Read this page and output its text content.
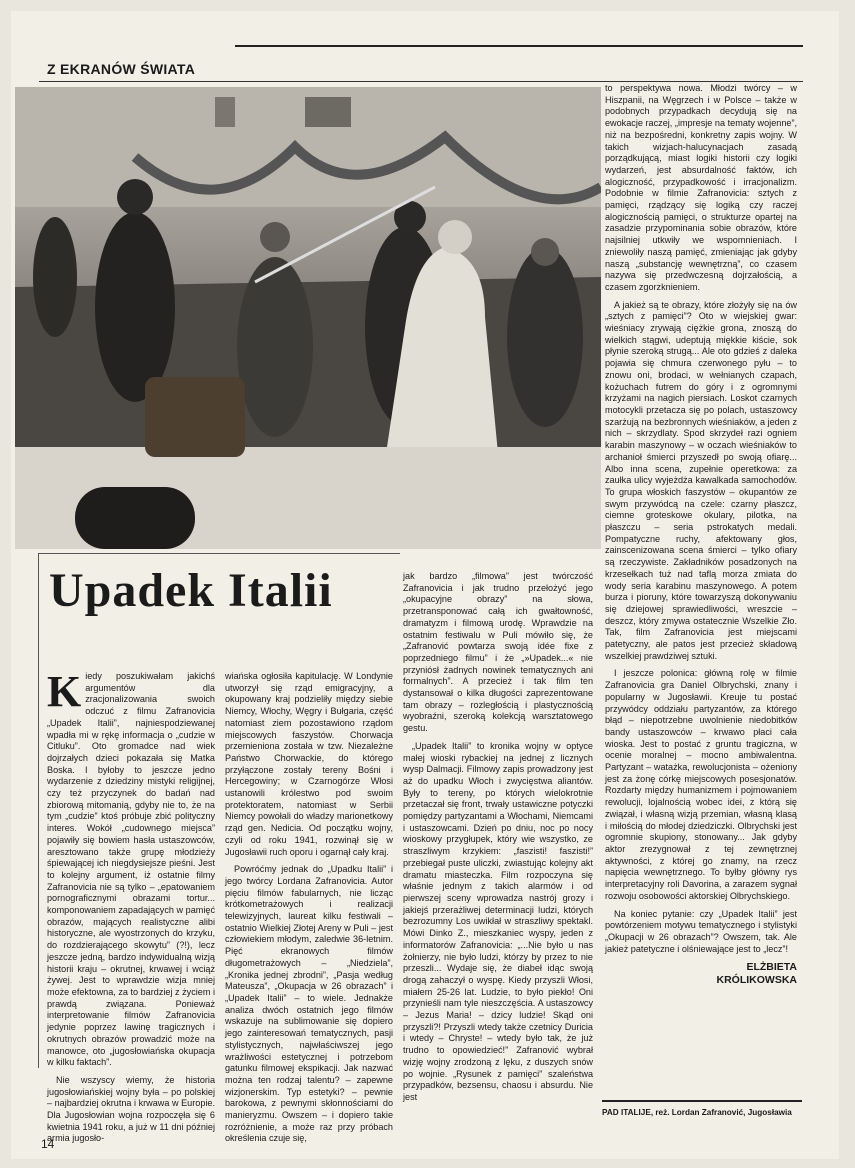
Z EKRANÓW ŚWIATA
Upadek Italii

Kiedy poszukiwałam jakichś argumentów dla zracjonalizowania swoich odczuć z filmu Zafranovicia „Upadek Italii”, najniespodziewanej wpadła mi w rękę informacja o „cudzie w Citluku”. Oto gromadce nad wiek dojrzałych dzieci pokazała się Matka Boska. I byłoby to jeszcze jedno wydarzenie z dziedziny mistyki religijnej, czy też przyczynek do badań nad zbiorową mitomanią, gdyby nie to, że na tym „cudzie” ktoś próbuje zbić polityczny interes. Wokół „cudownego miejsca” pojawiły się bowiem hasła ustaszowców, aresztowano także grupę młodzieży śpiewającej ich niegdysiejsze pieśni. Jest to kolejny argument, iż ostatnie filmy Zafranovicia nie są tylko – „epatowaniem pornograficznymi obrazami tortur... komponowaniem zapadających w pamięć obrazów, mających realistyczne alibi historyczne, ale wyostrzonych do krzyku, do rozdzierającego skowytu” (?!), lecz jeszcze jedną, bardzo indywidualną wizją historii kraju – okrutnej, krwawej i wciąż żywej. Jest to wprawdzie wizja mniej może efektowna, za to bardziej z życiem i prawdą związana. Ponieważ interpretowanie filmów Zafranovicia jedynie poprzez lawinę tragicznych i okrutnych obrazów prowadzić może na manowce, oto „jugosłowiańska okupacja w kilku faktach”.

Nie wszyscy wiemy, że historia jugosłowiańskiej wojny była – po polskiej – najbardziej okrutna i krwawa w Europie. Dla Jugosłowian wojna rozpoczęła się 6 kwietnia 1941 roku, a już w 11 dni później armia jugosło-

wiańska ogłosiła kapitulację. W Londynie utworzył się rząd emigracyjny, a okupowany kraj podzieliły między siebie Niemcy, Włochy, Węgry i Bułgaria, część natomiast ziem pozostawiono rządom miejscowych faszystów. Chorwacja przemieniona została w tzw. Niezależne Państwo Chorwackie, do którego przyłączone zostały tereny Bośni i Hercegowiny; w Czarnogórze Włosi ustanowili królestwo pod swoim protektoratem, natomiast w Serbii Niemcy powołali do władzy marionetkowy rząd gen. Nedicia. Od początku wojny, czyli od roku 1941, rozwinął się w Jugosławii ruch oporu i ogarnął cały kraj.

Powróćmy jednak do „Upadku Italii” i jego twórcy Lordana Zafranovicia. Autor pięciu filmów fabularnych, nie licząc krótkometrażowych i realizacji telewizyjnych, laureat kilku festiwali – ostatnio Wielkiej Złotej Areny w Puli – jest człowiekiem młodym, zaledwie 36-letnim. Pięć ekranowych filmów długometrażowych – „Niedziela”, „Kronika jednej zbrodni”, „Pasja według Mateusza”, „Okupacja w 26 obrazach” i „Upadek Italii” – to wiele. Jednakże analiza dwóch ostatnich jego filmów wskazuje na sublimowanie się dopiero jego zainteresowań tematycznych, pasji stylistycznych, najwłaściwszej jego wrażliwości estetycznej i potrzebom gatunku filmowej ekspikacji. Jak nazwać można ten rodzaj talentu? – zapewne wizjonerskim. Typ estetyki? – pewnie barokowa, z pewnymi skłonnościami do manieryzmu. Owszem – i dopiero takie rozróżnienie, a może raz przy próbach określenia czuje się,

jak bardzo „filmowa” jest twórczość Zafranovicia i jak trudno przełożyć jego „okupacyjne obrazy” na słowa, przetransponować całą ich gwałtowność, dramatyzm i filmową urodę. Wprawdzie na ostatnim festiwalu w Puli mówiło się, że „Zafranović powtarza swoją idée fixe z poprzedniego filmu” i że „»Upadek...« nie przyniósł żadnych nowinek tematycznych ani formalnych”. A przecież i tak film ten dystansował o kilka długości zaprezentowane tam obrazy – rozległością i plastycznością wyobraźni, szeroką kolekcją warsztatowego gestu.

„Upadek Italii” to kronika wojny w optyce małej wioski rybackiej na jednej z licznych wysp Dalmacji. Filmowy zapis prowadzony jest aż do upadku Włoch i zwycięstwa aliantów. Były to tereny, po których wielokrotnie przetaczał się front, trwały ustawiczne potyczki pomiędzy partyzantami a Włochami, Niemcami i ustaszowcami. Dzień po dniu, noc po nocy wioskowy przygłupek, który wie wszystko, ze straszliwym krzykiem: „faszisti! faszisti!” przebiegał puste uliczki, zwiastując kolejny akt dramatu miasteczka. Film rozpoczyna się właśnie jednym z takich alarmów i od pierwszej sceny wprowadza nastrój grozy i jakiejś przerażliwej determinacji ludzi, których bezrozumny Los uwikłał w straszliwy spektakl. Mówi Dinko Z., mieszkaniec wyspy, jeden z informatorów Zafranovicia: „...Nie było u nas żołnierzy, nie było ludzi, którzy by przez to nie przeszli... Wydaje się, że diabeł idąc swoją drogą zahaczył o wyspę. Kiedy przyszli Włosi, miałem 25-26 lat. Ludzie, to było piekło! Oni przynieśli nam tyle nieszczęścia. A ustaszowcy – Jezus Maria! – dzicy ludzie! Skąd oni przyszli?! Przyszli wtedy także czetnicy Duricia i wtedy – Chryste! – wtedy było tak, że już trudno to opowiedzieć!” Zafranović wybrał wizję wojny zrodzoną z lęku, z duszych snów po wojnie. „Rysunek z pamięci” szaleństwa przypadków, bezsensu, chaosu i absurdu. Nie jest

to perspektywa nowa. Młodzi twórcy – w Hiszpanii, na Węgrzech i w Polsce – także w podobnych przypadkach decydują się na ewokacje raczej, „impresje na tematy wojenne”, niż na bezpośredni, konkretny zapis wojny. W takich wizjach-halucynacjach zasadą porządkującą, miast logiki historii czy logiki wydarzeń, jest absurdalność faktów, ich alogiczność, przypadkowość i irracjonalizm. Podobnie w filmie Zafranovicia: sztych z pamięci, rządzący się logiką czy raczej alogicznością pamięci, o strukturze opartej na zasadzie przypominania sobie obrazów, które najsilniej utkwiły we wspomnieniach. I zniewoliły naszą pamięć, zmieniając jak gdyby naszą „substancję wewnętrzną”, co czasem nazywa się przedwczesną dojrzałością, a czasem zgorzknieniem.

A jakież są te obrazy, które złożyły się na ów „sztych z pamięci”? Oto w wiejskiej gwar: wieśniacy zrywają ciężkie grona, znoszą do wielkich stągwi, udeptują miękkie kiście, sok płynie szeroką strugą... Ale oto gdzieś z daleka pojawia się chmura czerwonego pyłu – to znowu oni, brodaci, w wełnianych czapach, kożuchach futrem do góry i z ogromnymi krzyżami na nagich piersiach. Loskot czarnych motocykli przetacza się po polach, ustaszowcy szarżują na bezbronnych wieśniaków, a jeden z nich – skrzydlaty. Spod skrzydeł razi ogniem karabin maszynowy – w oczach wieśniaków to archanioł śmierci przyszedł po swoją ofiarę... Albo inna scena, zupełnie operetkowa: za zaułka ulicy wyjeżdża kawalkada samochodów. To grupa włoskich faszystów – okupantów ze swym przywódcą na czele: czarny płaszcz, ciemne groteskowe okulary, pilotka, na płaszczu – seria pstrokatych medali. Pompatyczne ruchy, afektowany głos, zainscenizowana scena śmierci – tylko ofiary są rzeczywiste. Zakładników posadzonych na krzesełkach tuż nad taflą morza zmiata do wody seria karabinu maszynowego. A potem burza i pioruny, które towarzyszą dokonywaniu się dziejowej sprawiedliwości, wreszcie – deszcz, który zmywa ostatecznie Wszelkie Zło. Tak, film Zafranovicia jest miejscami patetyczny, ale patos jest przecież składową wszelkiej prawdziwej sztuki.

I jeszcze polonica: główną rolę w filmie Zafranovicia gra Daniel Olbrychski, znany i popularny w Jugosławii. Kreuje tu postać przywódcy oddziału partyzantów, za którego błąd – niepotrzebne uwolnienie niedobitków bandy ustaszowców – krwawo płaci cała wioska. Jest to postać z gruntu tragiczna, w ocenie moralnej – mocno ambiwalentna. Partyzant – watażka, rewolucjonista – ożeniony jest za żonę córkę miejscowych posesjonatów. Rozdarty między humanizmem i pojmowaniem rewolucji, lojalnością wobec idei, z którą się związał, i własną wizją przemian, własną klasą i miłością do młodej dziedziczki. Olbrychski jest ogromnie skupiony, stonowany... Jak gdyby aktor zrezygnował z tej zewnętrznej aktywności, z której go znamy, na rzecz napięcia wewnętrznego. To byłby główny rys interpretacyjny roli Davorina, a zarazem sygnał rozwoju osobowości aktorskiej Olbrychskiego.

Na koniec pytanie: czy „Upadek Italii” jest powtórzeniem motywu tematycznego i stylistyki „Okupacji w 26 obrazach”? Owszem, tak. Ale jakież patetyczne i olśniewające jest to „lecz”!

ELŻBIETA
KRÓLIKOWSKA
PAD ITALIJE, reż. Lordan Zafranović, Jugosławia
14
